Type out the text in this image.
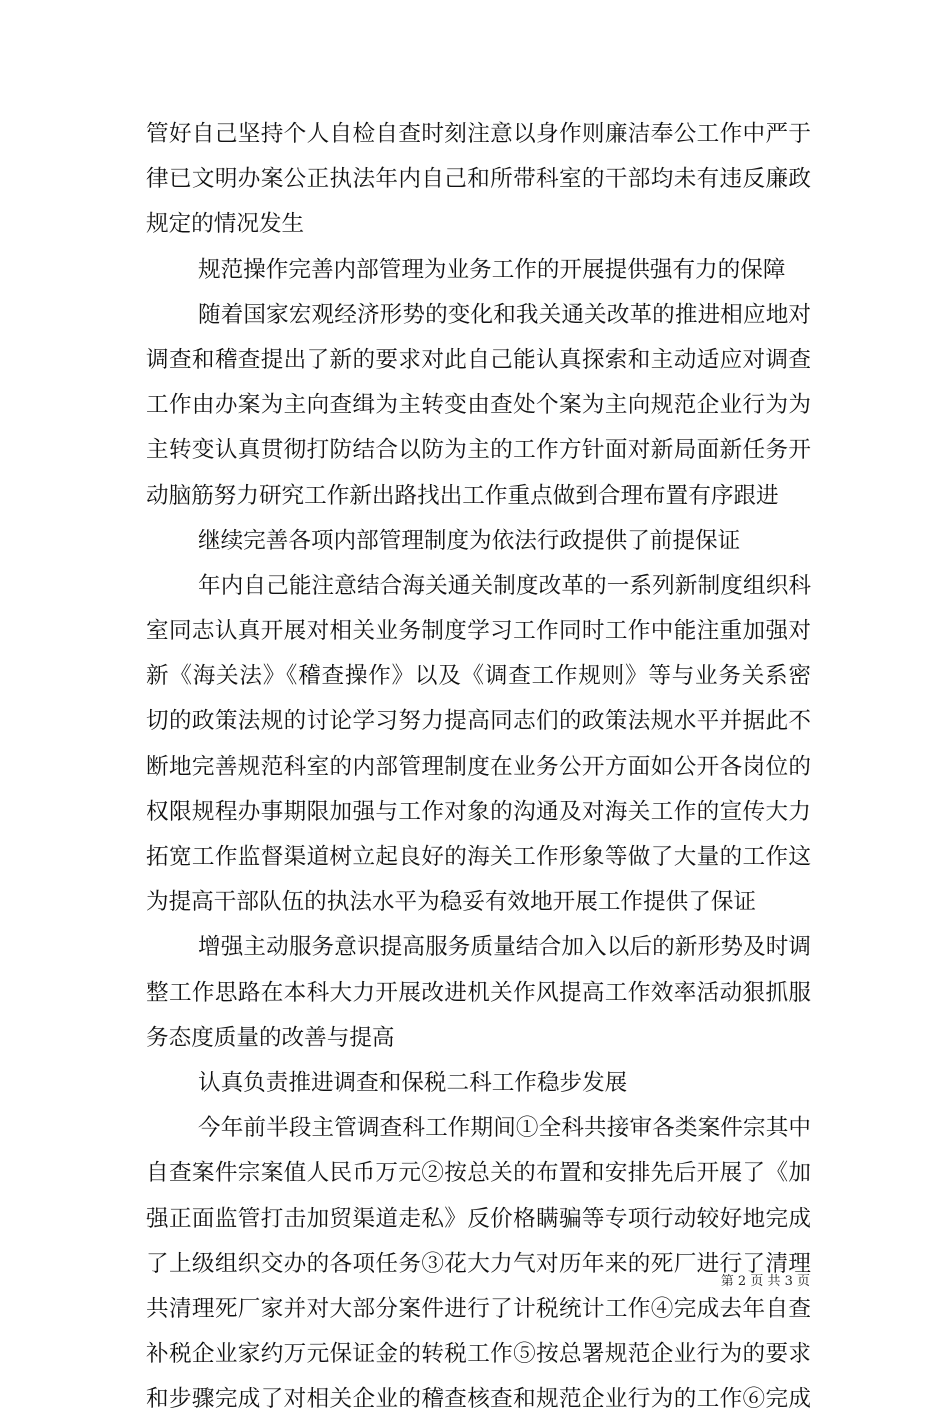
管好自己坚持个人自检自查时刻注意以身作则廉洁奉公工作中严于
律已文明办案公正执法年内自己和所带科室的干部均未有违反廉政
规定的情况发生
规范操作完善内部管理为业务工作的开展提供强有力的保障
随着国家宏观经济形势的变化和我关通关改革的推进相应地对
调查和稽查提出了新的要求对此自己能认真探索和主动适应对调查
工作由办案为主向查缉为主转变由查处个案为主向规范企业行为为
主转变认真贯彻打防结合以防为主的工作方针面对新局面新任务开
动脑筋努力研究工作新出路找出工作重点做到合理布置有序跟进
继续完善各项内部管理制度为依法行政提供了前提保证
年内自己能注意结合海关通关制度改革的一系列新制度组织科
室同志认真开展对相关业务制度学习工作同时工作中能注重加强对
新《海关法》《稽查操作》以及《调查工作规则》等与业务关系密
切的政策法规的讨论学习努力提高同志们的政策法规水平并据此不
断地完善规范科室的内部管理制度在业务公开方面如公开各岗位的
权限规程办事期限加强与工作对象的沟通及对海关工作的宣传大力
拓宽工作监督渠道树立起良好的海关工作形象等做了大量的工作这
为提高干部队伍的执法水平为稳妥有效地开展工作提供了保证
增强主动服务意识提高服务质量结合加入以后的新形势及时调
整工作思路在本科大力开展改进机关作风提高工作效率活动狠抓服
务态度质量的改善与提高
认真负责推进调查和保税二科工作稳步发展
今年前半段主管调查科工作期间①全科共接审各类案件宗其中
自查案件宗案值人民币万元②按总关的布置和安排先后开展了《加
强正面监管打击加贸渠道走私》反价格瞒骗等专项行动较好地完成
了上级组织交办的各项任务③花大力气对历年来的死厂进行了清理
共清理死厂家并对大部分案件进行了计税统计工作④完成去年自查
补税企业家约万元保证金的转税工作⑤按总署规范企业行为的要求
和步骤完成了对相关企业的稽查核查和规范企业行为的工作⑥完成
第 2 页 共 3 页
